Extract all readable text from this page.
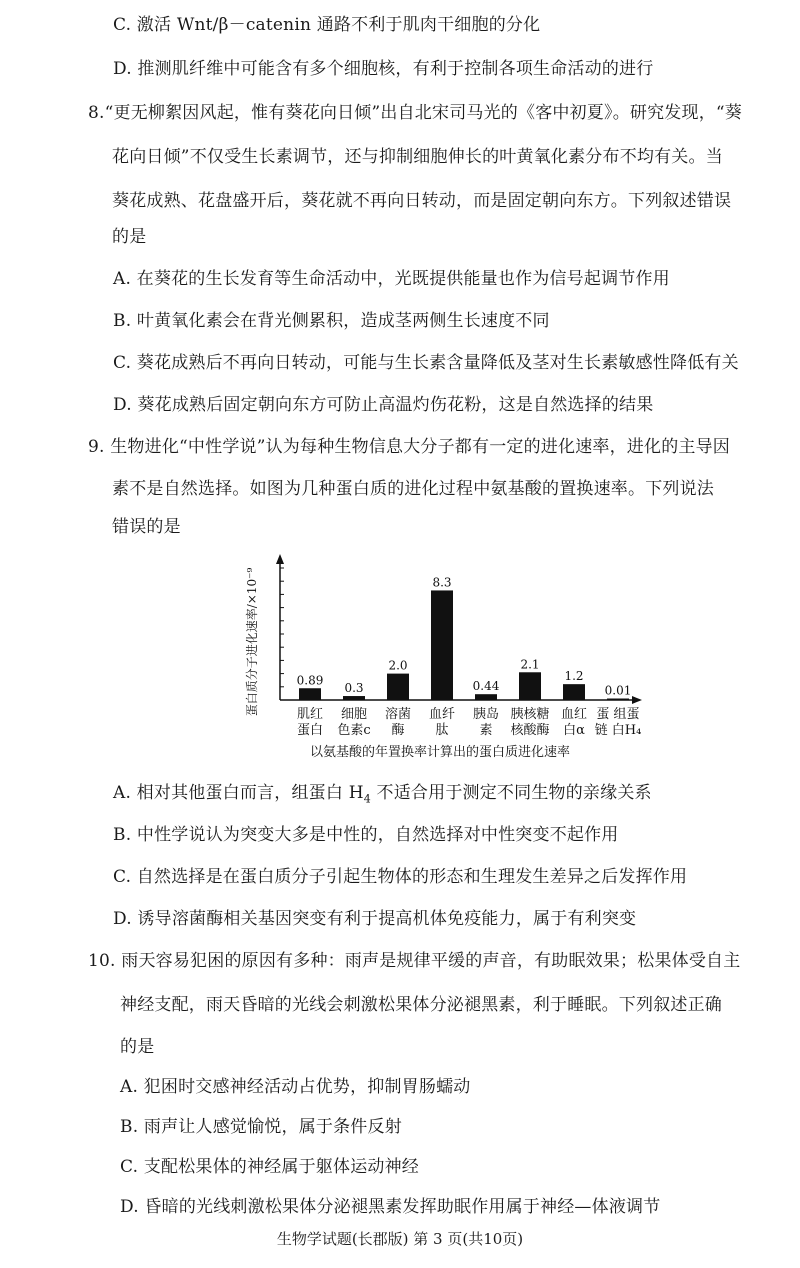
C. 激活 Wnt/β－catenin 通路不利于肌肉干细胞的分化
D. 推测肌纤维中可能含有多个细胞核，有利于控制各项生命活动的进行
8.“更无柳絮因风起，惟有葵花向日倾”出自北宋司马光的《客中初夏》。研究发现，“葵
花向日倾”不仅受生长素调节，还与抑制细胞伸长的叶黄氧化素分布不均有关。当
葵花成熟、花盘盛开后，葵花就不再向日转动，而是固定朝向东方。下列叙述错误
的是
A. 在葵花的生长发育等生命活动中，光既提供能量也作为信号起调节作用
B. 叶黄氧化素会在背光侧累积，造成茎两侧生长速度不同
C. 葵花成熟后不再向日转动，可能与生长素含量降低及茎对生长素敏感性降低有关
D. 葵花成熟后固定朝向东方可防止高温灼伤花粉，这是自然选择的结果
9. 生物进化“中性学说”认为每种生物信息大分子都有一定的进化速率，进化的主导因
素不是自然选择。如图为几种蛋白质的进化过程中氨基酸的置换速率。下列说法
错误的是
蛋白质分子进化速率/×10⁻⁹	0.89
0.3
2.0
8.3
0.44
2.1
1.2
0.01
肌红
蛋白
细胞
色素c
溶菌
酶
血纤
肽
胰岛
素
胰核糖
核酸酶
血红
白α
蛋 组蛋
链 白H₄
以氨基酸的年置换率计算出的蛋白质进化速率
A. 相对其他蛋白而言，组蛋白 $H_4$ 不适合用于测定不同生物的亲缘关系
B. 中性学说认为突变大多是中性的，自然选择对中性突变不起作用
C. 自然选择是在蛋白质分子引起生物体的形态和生理发生差异之后发挥作用
D. 诱导溶菌酶相关基因突变有利于提高机体免疫能力，属于有利突变
10. 雨天容易犯困的原因有多种：雨声是规律平缓的声音，有助眠效果；松果体受自主
神经支配，雨天昏暗的光线会刺激松果体分泌褪黑素，利于睡眠。下列叙述正确
的是
A. 犯困时交感神经活动占优势，抑制胃肠蠕动
B. 雨声让人感觉愉悦，属于条件反射
C. 支配松果体的神经属于躯体运动神经
D. 昏暗的光线刺激松果体分泌褪黑素发挥助眠作用属于神经—体液调节
生物学试题(长郡版) 第 3 页(共10页)
